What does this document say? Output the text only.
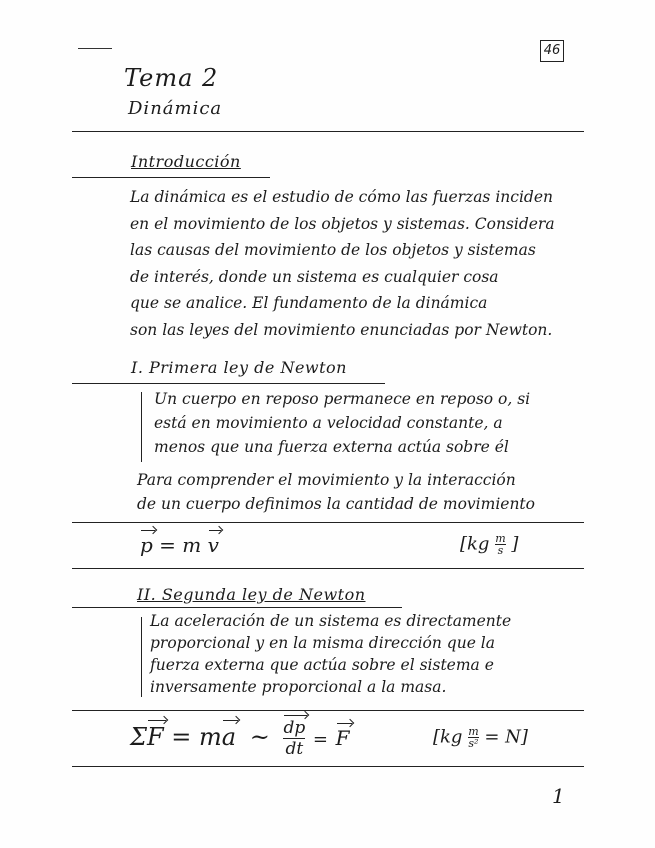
46
Tema 2
Dinámica
Introducción
La dinámica es el estudio de cómo las fuerzas inciden
en el movimiento de los objetos y sistemas. Considera
las causas del movimiento de los objetos y sistemas
de interés, donde un sistema es cualquier cosa
que se analice. El fundamento de la dinámica
son las leyes del movimiento enunciadas por Newton.
I. Primera ley de Newton
Un cuerpo en reposo permanece en reposo o, si
está en movimiento a velocidad constante, a
menos que una fuerza externa actúa sobre él
Para comprender el movimiento y la interacción
de un cuerpo definimos la cantidad de movimiento
p = m v	[$kg \frac{m}{s}$ ]
II. Segunda ley de Newton
La aceleración de un sistema es directamente
proporcional y en la misma dirección que la
fuerza externa que actúa sobre el sistema e
inversamente proporcional a la masa.
ΣF = ma ~ $\frac{dp}{dt} = F$	$[kg \frac{m}{\text{s²}} = N]$
1
